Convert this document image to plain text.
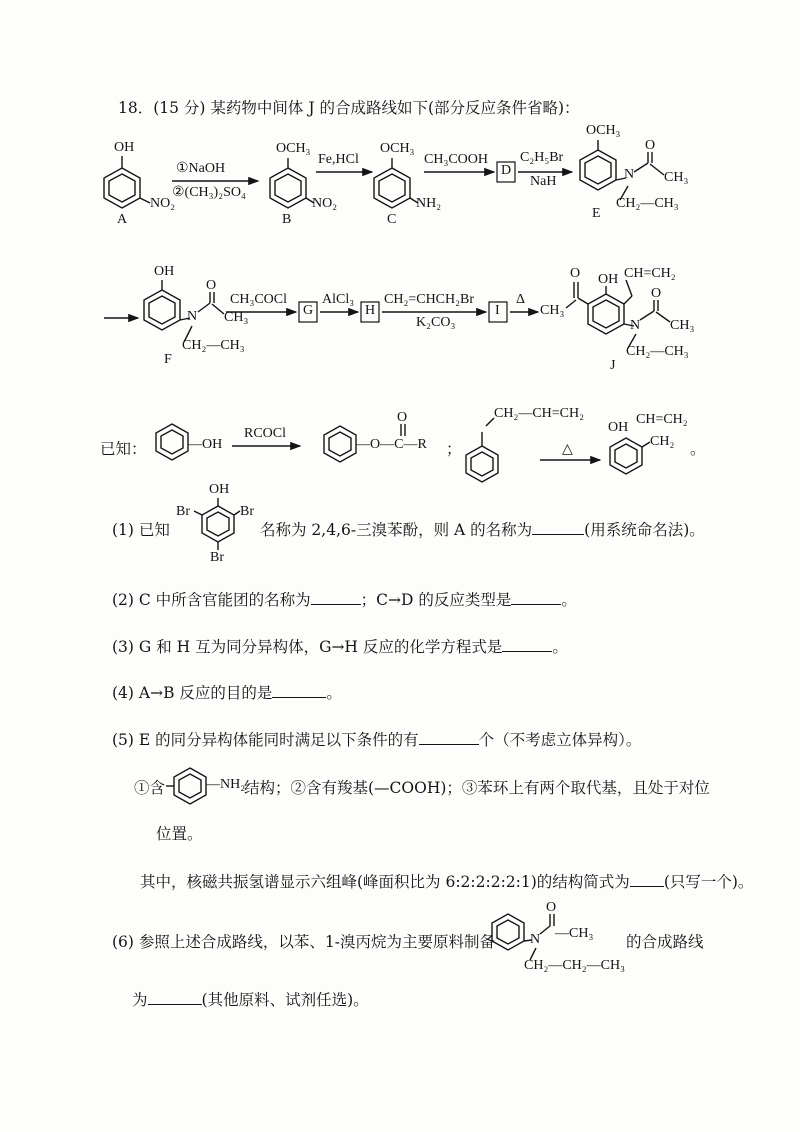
18．(15 分) 某药物中间体 J 的合成路线如下(部分反应条件省略)：
OH
NO₂
A
①NaOH
②(CH₃)₂SO₄
OCH₃
NO₂
B
Fe,HCl
OCH₃
NH₂
C
CH₃COOH
D
C₂H₅Br
NaH
OCH₃
N
O
CH₃
CH₂—CH₃
E
OH
N
O
CH₃
CH₂—CH₃
F
CH₃COCl
G
AlCl₃
H
CH₂=CHCH₂Br
K₂CO₃
I
Δ
O OH CH=CH₂
CH₃
N
O
CH₃
CH₂—CH₃
J
已知：	—OH
RCOCl
O
—O—C—R ；
CH₂—CH=CH₂
△
OH
CH=CH₂
CH₂ 。
(1) 已知
OH
Br	Br
Br
名称为 2,4,6-三溴苯酚，则 A 的名称为	(用系统命名法)。
(2) C 中所含官能团的名称为	；C→D 的反应类型是	。
(3) G 和 H 互为同分异构体，G→H 反应的化学方程式是	。
(4) A→B 反应的目的是	。
(5) E 的同分异构体能同时满足以下条件的有	个（不考虑立体异构）。
①含	—NH₂
结构；②含有羧基(—COOH)；③苯环上有两个取代基，且处于对位
位置。
其中，核磁共振氢谱显示六组峰(峰面积比为 6:2:2:2:2:1)的结构简式为 (只写一个)。
(6) 参照上述合成路线，以苯、1-溴丙烷为主要原料制备	N
O
—CH₃
CH₂—CH₂—CH₃
的合成路线
为	(其他原料、试剂任选)。
